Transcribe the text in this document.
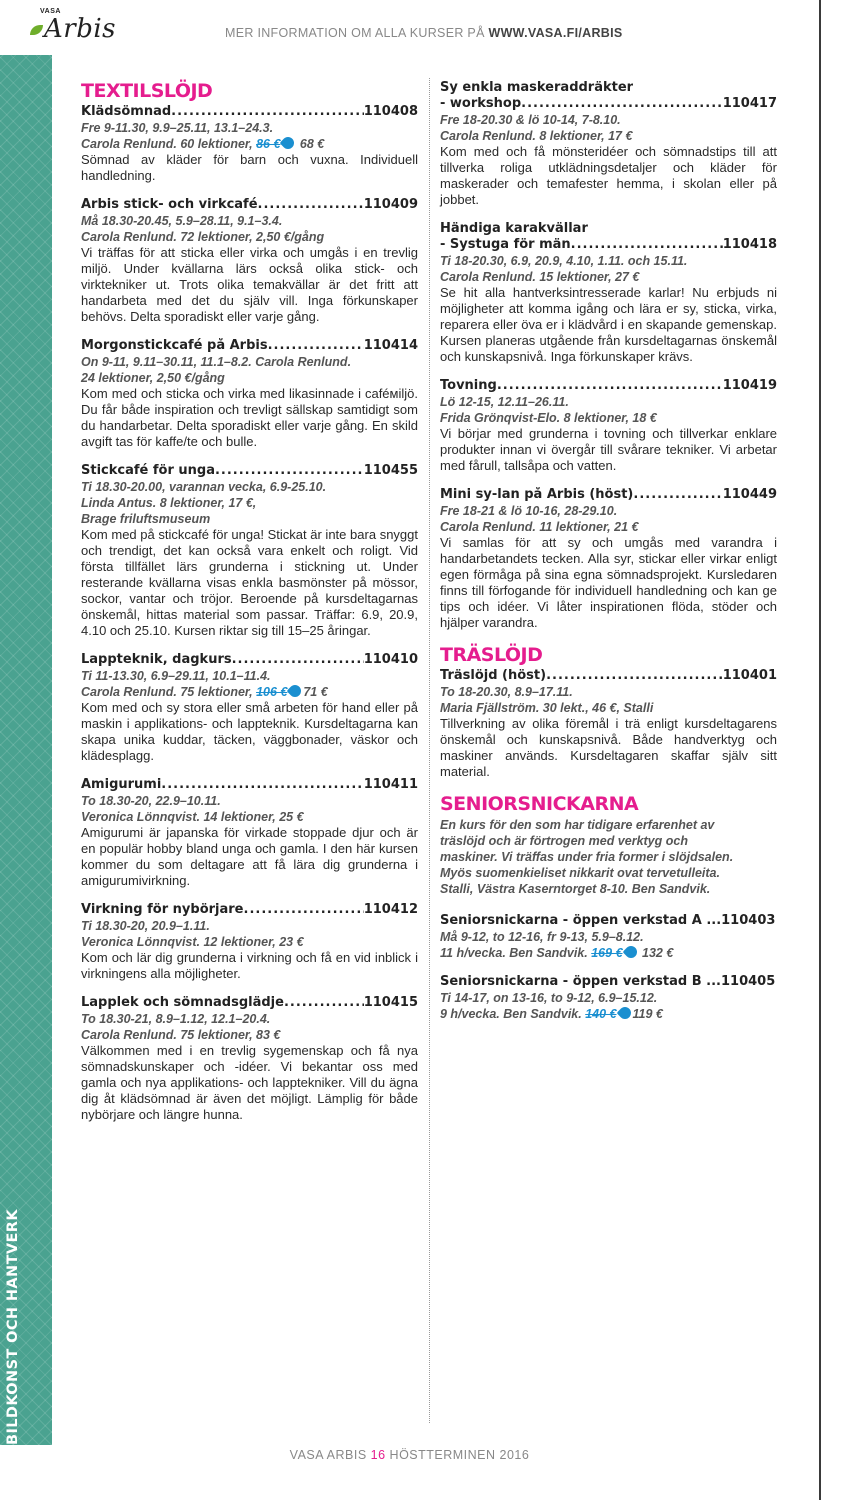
VASA
Arbis	MER INFORMATION OM ALLA KURSER PÅ WWW.VASA.FI/ARBIS
BILDKONST OCH HANTVERK
TEXTILSLÖJD
Klädsömnad .....	110408
Fre 9-11.30, 9.9–25.11, 13.1–24.3.
Carola Renlund. 60 lektioner, 86 € 68 €
Sömnad av kläder för barn och vuxna. Individuell handledning.
Arbis stick- och virkcafé .....	110409
Må 18.30-20.45, 5.9–28.11, 9.1–3.4.
Carola Renlund. 72 lektioner, 2,50 €/gång
Vi träffas för att sticka eller virka och umgås i en trevlig miljö. Under kvällarna lärs också olika stick- och virktekniker ut. Trots olika temakvällar är det fritt att handarbeta med det du själv vill. Inga förkunskaper behövs. Delta sporadiskt eller varje gång.
Morgonstickcafé på Arbis .....	110414
On 9-11, 9.11–30.11, 11.1–8.2. Carola Renlund.
24 lektioner, 2,50 €/gång
Kom med och sticka och virka med likasinnade i caféмiljö. Du får både inspiration och trevligt sällskap samtidigt som du handarbetar. Delta sporadiskt eller varje gång. En skild avgift tas för kaffe/te och bulle.
Stickcafé för unga .....	110455
Ti 18.30-20.00, varannan vecka, 6.9-25.10.
Linda Antus. 8 lektioner, 17 €,
Brage friluftsmuseum
Kom med på stickcafé för unga! Stickat är inte bara snyggt och trendigt, det kan också vara enkelt och roligt. Vid första tillfället lärs grunderna i stickning ut. Under resterande kvällarna visas enkla basmönster på mössor, sockor, vantar och tröjor. Beroende på kursdeltagarnas önskemål, hittas material som passar. Träffar: 6.9, 20.9, 4.10 och 25.10. Kursen riktar sig till 15–25 åringar.
Lappteknik, dagkurs .....	110410
Ti 11-13.30, 6.9–29.11, 10.1–11.4.
Carola Renlund. 75 lektioner, 106 € 71 €
Kom med och sy stora eller små arbeten för hand eller på maskin i applikations- och lappteknik. Kursdeltagarna kan skapa unika kuddar, täcken, väggbonader, väskor och klädesplagg.
Amigurumi .....	110411
To 18.30-20, 22.9–10.11.
Veronica Lönnqvist. 14 lektioner, 25 €
Amigurumi är japanska för virkade stoppade djur och är en populär hobby bland unga och gamla. I den här kursen kommer du som deltagare att få lära dig grunderna i amigurumivirkning.
Virkning för nybörjare .....	110412
Ti 18.30-20, 20.9–1.11.
Veronica Lönnqvist. 12 lektioner, 23 €
Kom och lär dig grunderna i virkning och få en vid inblick i virkningens alla möjligheter.
Lapplek och sömnadsglädje .....	110415
To 18.30-21, 8.9–1.12, 12.1–20.4.
Carola Renlund. 75 lektioner, 83 €
Välkommen med i en trevlig sygemenskap och få nya sömnadskunskaper och -idéer. Vi bekantar oss med gamla och nya applikations- och lapptekniker. Vill du ägna dig åt klädsömnad är även det möjligt. Lämplig för både nybörjare och längre hunna.
Sy enkla maskeraddräkter
- workshop .....	110417
Fre 18-20.30 & lö 10-14, 7-8.10.
Carola Renlund. 8 lektioner, 17 €
Kom med och få mönsteridéer och sömnadstips till att tillverka roliga utklädningsdetaljer och kläder för maskerader och temafester hemma, i skolan eller på jobbet.
Händiga karakvällar
- Systuga för män .....	110418
Ti 18-20.30, 6.9, 20.9, 4.10, 1.11. och 15.11.
Carola Renlund. 15 lektioner, 27 €
Se hit alla hantverksintresserade karlar! Nu erbjuds ni möjligheter att komma igång och lära er sy, sticka, virka, reparera eller öva er i klädvård i en skapande gemenskap. Kursen planeras utgående från kursdeltagarnas önskemål och kunskapsnivå. Inga förkunskaper krävs.
Tovning .....	110419
Lö 12-15, 12.11–26.11.
Frida Grönqvist-Elo. 8 lektioner, 18 €
Vi börjar med grunderna i tovning och tillverkar enklare produkter innan vi övergår till svårare tekniker. Vi arbetar med fårull, tallsåpa och vatten.
Mini sy-lan på Arbis (höst) .....	110449
Fre 18-21 & lö 10-16, 28-29.10.
Carola Renlund. 11 lektioner, 21 €
Vi samlas för att sy och umgås med varandra i handarbetandets tecken. Alla syr, stickar eller virkar enligt egen förmåga på sina egna sömnadsprojekt. Kursledaren finns till förfogande för individuell handledning och kan ge tips och idéer. Vi låter inspirationen flöda, stöder och hjälper varandra.
TRÄSLÖJD
Träslöjd (höst) .....	110401
To 18-20.30, 8.9–17.11.
Maria Fjällström. 30 lekt., 46 €, Stalli
Tillverkning av olika föremål i trä enligt kursdeltagarens önskemål och kunskapsnivå. Både handverktyg och maskiner används. Kursdeltagaren skaffar själv sitt material.
SENIORSNICKARNA
En kurs för den som har tidigare erfarenhet av träslöjd och är förtrogen med verktyg och maskiner. Vi träffas under fria former i slöjdsalen. Myös suomenkieliset nikkarit ovat tervetulleita. Stalli, Västra Kaserntorget 8-10. Ben Sandvik.
Seniorsnickarna - öppen verkstad A ... 110403
Må 9-12, to 12-16, fr 9-13, 5.9–8.12.
11 h/vecka. Ben Sandvik. 169 € 132 €
Seniorsnickarna - öppen verkstad B ... 110405
Ti 14-17, on 13-16, to 9-12, 6.9–15.12.
9 h/vecka. Ben Sandvik. 140 € 119 €
VASA ARBIS 16 HÖSTTERMINEN 2016
